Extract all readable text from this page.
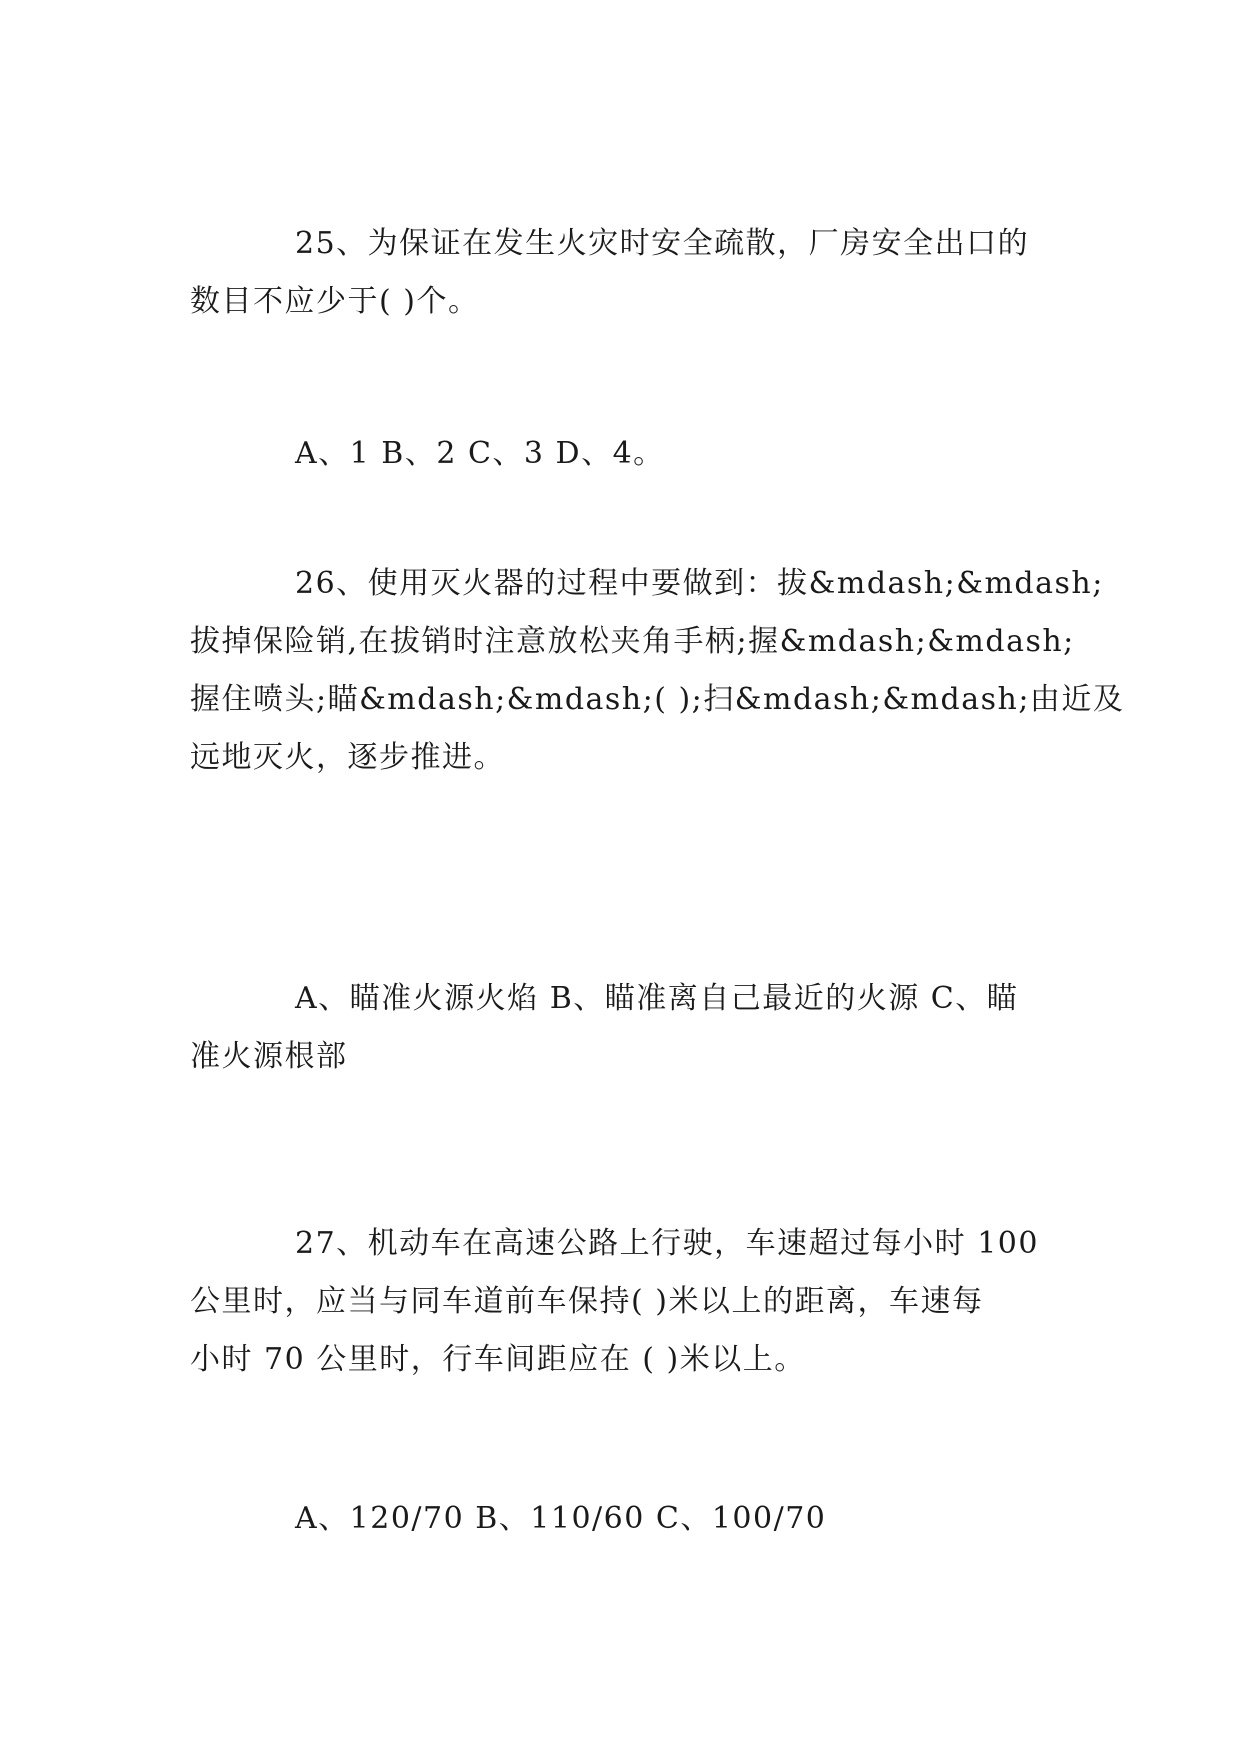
25、为保证在发生火灾时安全疏散，厂房安全出口的
数目不应少于( )个。
A、1 B、2 C、3 D、4。
26、使用灭火器的过程中要做到：拔&mdash;&mdash;
拔掉保险销,在拔销时注意放松夹角手柄;握&mdash;&mdash;
握住喷头;瞄&mdash;&mdash;( );扫&mdash;&mdash;由近及
远地灭火，逐步推进。
A、瞄准火源火焰 B、瞄准离自己最近的火源 C、瞄
准火源根部
27、机动车在高速公路上行驶，车速超过每小时 100
公里时，应当与同车道前车保持( )米以上的距离，车速每
小时 70 公里时，行车间距应在 ( )米以上。
A、120/70 B、110/60 C、100/70
